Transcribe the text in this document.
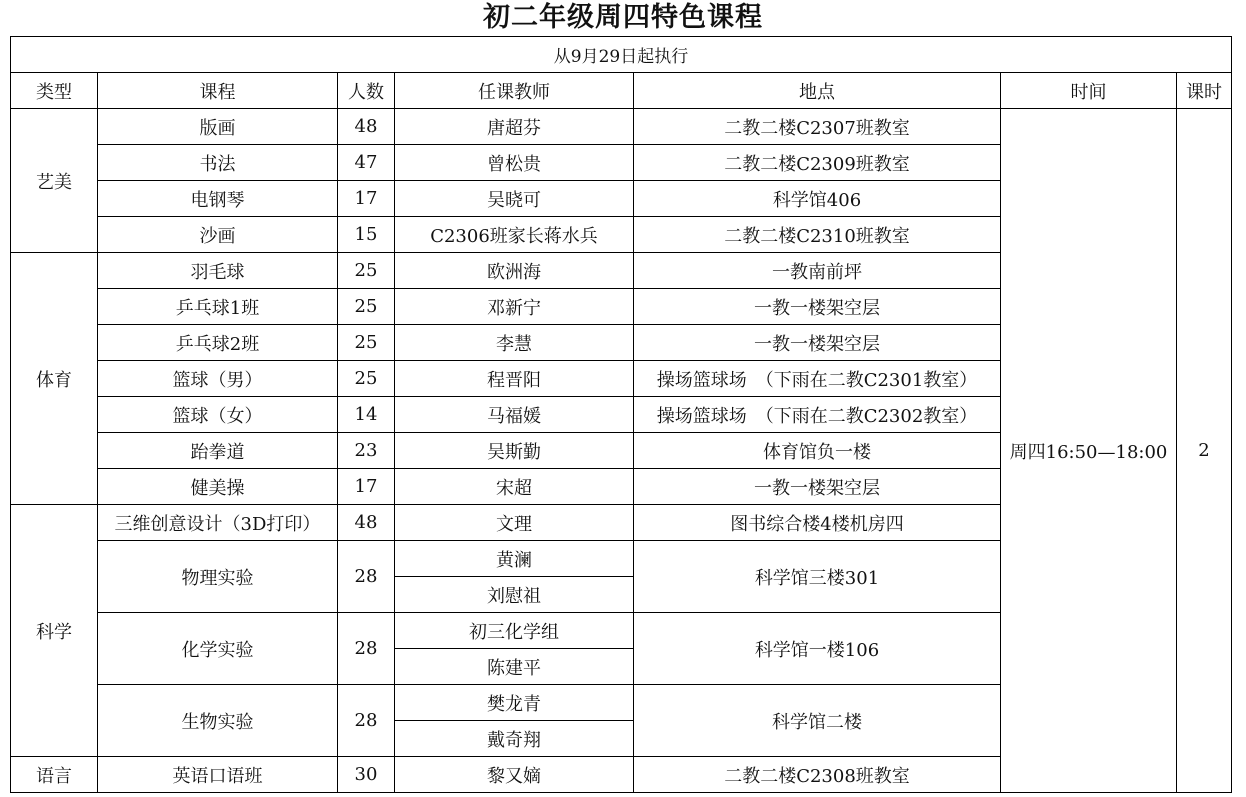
初二年级周四特色课程
从9月29日起执行						
类型	课程	人数	任课教师	地点	时间	课时
艺美	版画	48	唐超芬	二教二楼C2307班教室	周四16:50—18:00	2
	书法	47	曾松贵	二教二楼C2309班教室		
	电钢琴	17	吴晓可	科学馆406		
	沙画	15	C2306班家长蒋水兵	二教二楼C2310班教室		
体育	羽毛球	25	欧洲海	一教南前坪		
	乒乓球1班	25	邓新宁	一教一楼架空层		
	乒乓球2班	25	李慧	一教一楼架空层		
	篮球（男）	25	程晋阳	操场篮球场　（下雨在二教C2301教室）		
	篮球（女）	14	马福媛	操场篮球场　（下雨在二教C2302教室）		
	跆拳道	23	吴斯勤	体育馆负一楼		
	健美操	17	宋超	一教一楼架空层		
科学	三维创意设计（3D打印）	48	文理	图书综合楼4楼机房四		
	物理实验	28	黄澜	科学馆三楼301		
			刘慰祖			
	化学实验	28	初三化学组	科学馆一楼106		
			陈建平			
	生物实验	28	樊龙青	科学馆二楼		
			戴奇翔			
语言	英语口语班	30	黎又嫡	二教二楼C2308班教室		
